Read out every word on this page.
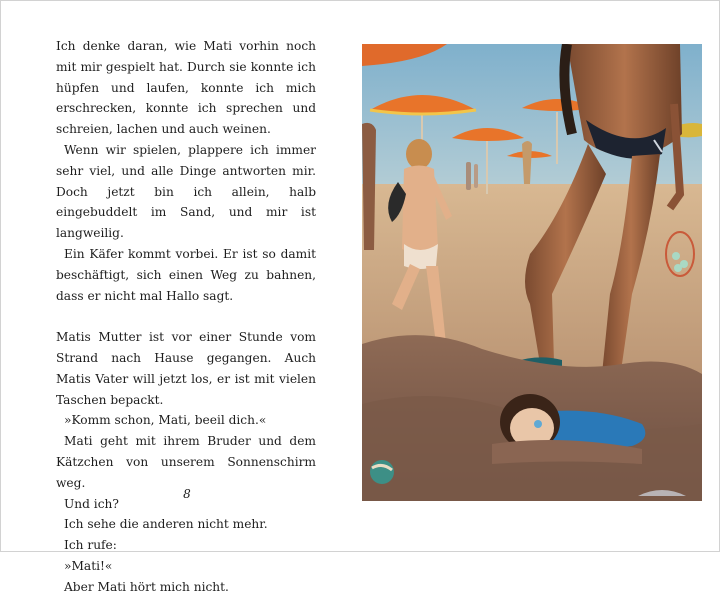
Ich denke daran, wie Mati vorhin noch mit mir gespielt hat. Durch sie konnte ich hüpfen und laufen, konnte ich mich erschrecken, konnte ich sprechen und schreien, lachen und auch weinen.

Wenn wir spielen, plappere ich immer sehr viel, und alle Dinge antworten mir. Doch jetzt bin ich allein, halb eingebuddelt im Sand, und mir ist langweilig.

Ein Käfer kommt vorbei. Er ist so damit beschäftigt, sich einen Weg zu bahnen, dass er nicht mal Hallo sagt.

Matis Mutter ist vor einer Stunde vom Strand nach Hause gegangen. Auch Matis Vater will jetzt los, er ist mit vielen Taschen bepackt.

»Komm schon, Mati, beeil dich.«

Mati geht mit ihrem Bruder und dem Kätzchen von unserem Sonnenschirm weg.

Und ich?

Ich sehe die anderen nicht mehr.

Ich rufe:

»Mati!«

Aber Mati hört mich nicht.

8
